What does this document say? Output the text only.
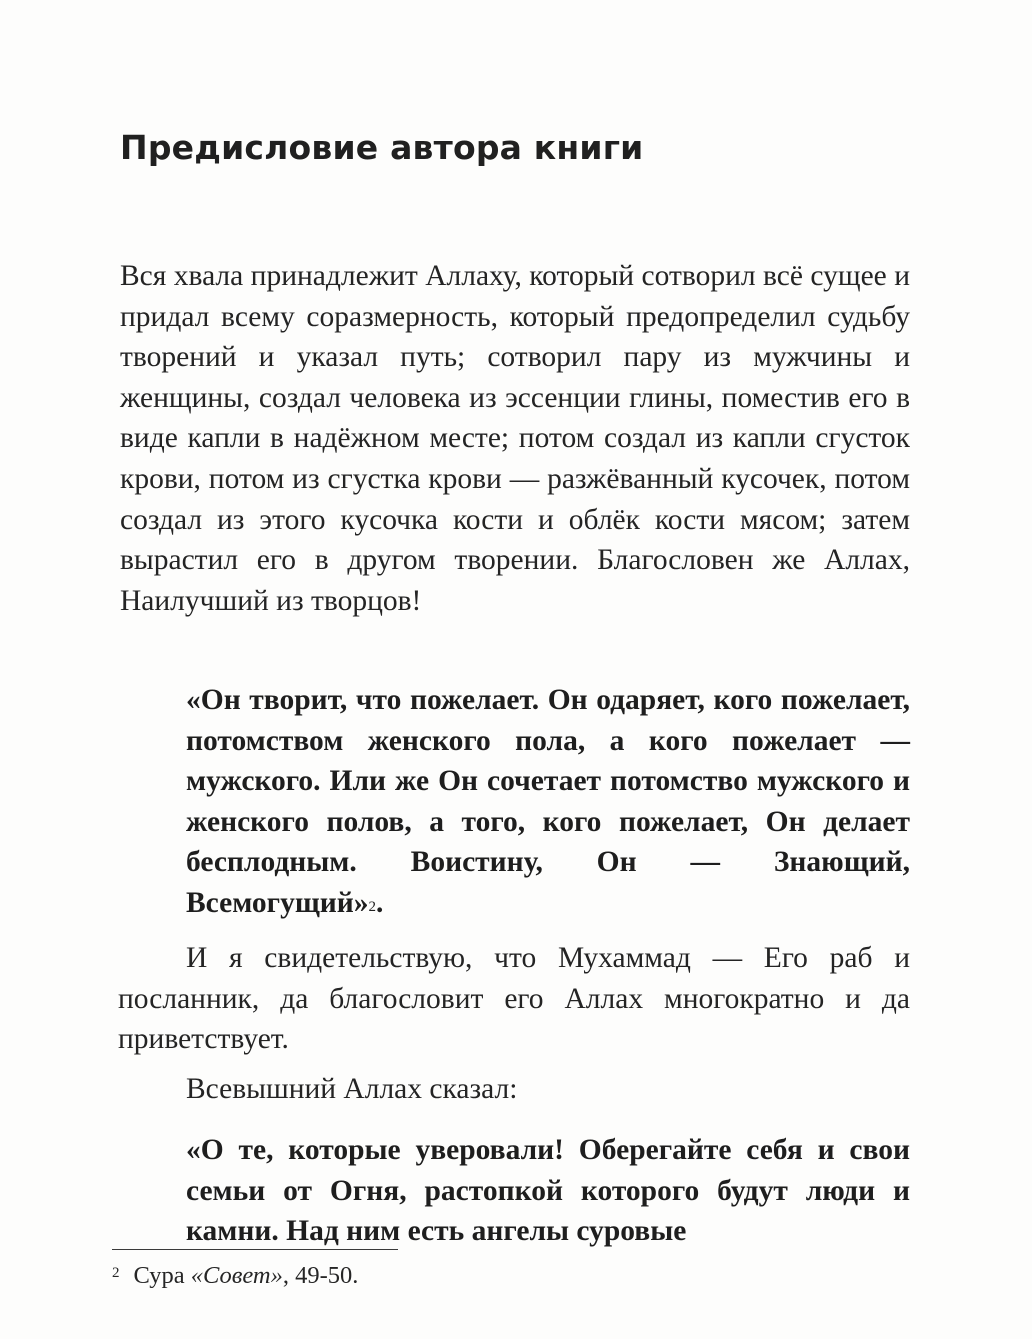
Предисловие автора книги

Вся хвала принадлежит Аллаху, который сотворил всё сущее и придал всему соразмерность, который предопределил судьбу творений и указал путь; сотворил пару из мужчины и женщины, создал человека из эссенции глины, поместив его в виде капли в надёжном месте; потом создал из капли сгусток крови, потом из сгустка крови — разжёванный кусочек, потом создал из этого кусочка кости и облёк кости мясом; затем вырастил его в другом творении. Благословен же Аллах, Наилучший из творцов!

«Он творит, что пожелает. Он одаряет, кого пожелает, потомством женского пола, а кого пожелает — мужского. Или же Он сочетает потомство мужского и женского полов, а того, кого пожелает, Он делает бесплодным. Воистину, Он — Знающий, Всемогущий»$^2$.

И я свидетельствую, что Мухаммад — Его раб и посланник, да благословит его Аллах многократно и да приветствует.

Всевышний Аллах сказал:

«О те, которые уверовали! Оберегайте себя и свои семьи от Огня, растопкой которого будут люди и камни. Над ним есть ангелы суровые

$^2$ Сура «Совет», 49-50.
